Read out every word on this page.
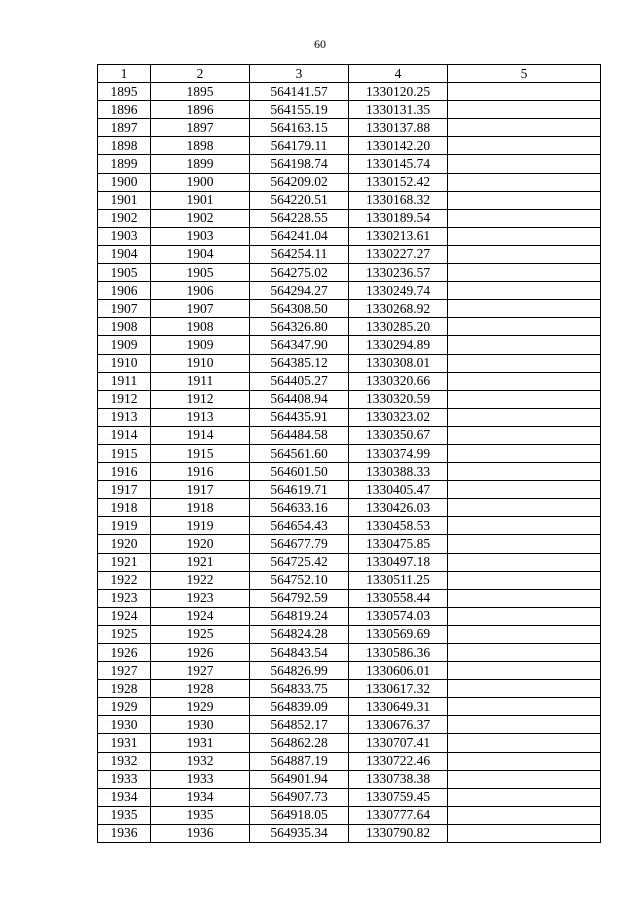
60
1	2	3	4	5
1895	1895	564141.57	1330120.25	
1896	1896	564155.19	1330131.35	
1897	1897	564163.15	1330137.88	
1898	1898	564179.11	1330142.20	
1899	1899	564198.74	1330145.74	
1900	1900	564209.02	1330152.42	
1901	1901	564220.51	1330168.32	
1902	1902	564228.55	1330189.54	
1903	1903	564241.04	1330213.61	
1904	1904	564254.11	1330227.27	
1905	1905	564275.02	1330236.57	
1906	1906	564294.27	1330249.74	
1907	1907	564308.50	1330268.92	
1908	1908	564326.80	1330285.20	
1909	1909	564347.90	1330294.89	
1910	1910	564385.12	1330308.01	
1911	1911	564405.27	1330320.66	
1912	1912	564408.94	1330320.59	
1913	1913	564435.91	1330323.02	
1914	1914	564484.58	1330350.67	
1915	1915	564561.60	1330374.99	
1916	1916	564601.50	1330388.33	
1917	1917	564619.71	1330405.47	
1918	1918	564633.16	1330426.03	
1919	1919	564654.43	1330458.53	
1920	1920	564677.79	1330475.85	
1921	1921	564725.42	1330497.18	
1922	1922	564752.10	1330511.25	
1923	1923	564792.59	1330558.44	
1924	1924	564819.24	1330574.03	
1925	1925	564824.28	1330569.69	
1926	1926	564843.54	1330586.36	
1927	1927	564826.99	1330606.01	
1928	1928	564833.75	1330617.32	
1929	1929	564839.09	1330649.31	
1930	1930	564852.17	1330676.37	
1931	1931	564862.28	1330707.41	
1932	1932	564887.19	1330722.46	
1933	1933	564901.94	1330738.38	
1934	1934	564907.73	1330759.45	
1935	1935	564918.05	1330777.64	
1936	1936	564935.34	1330790.82	
